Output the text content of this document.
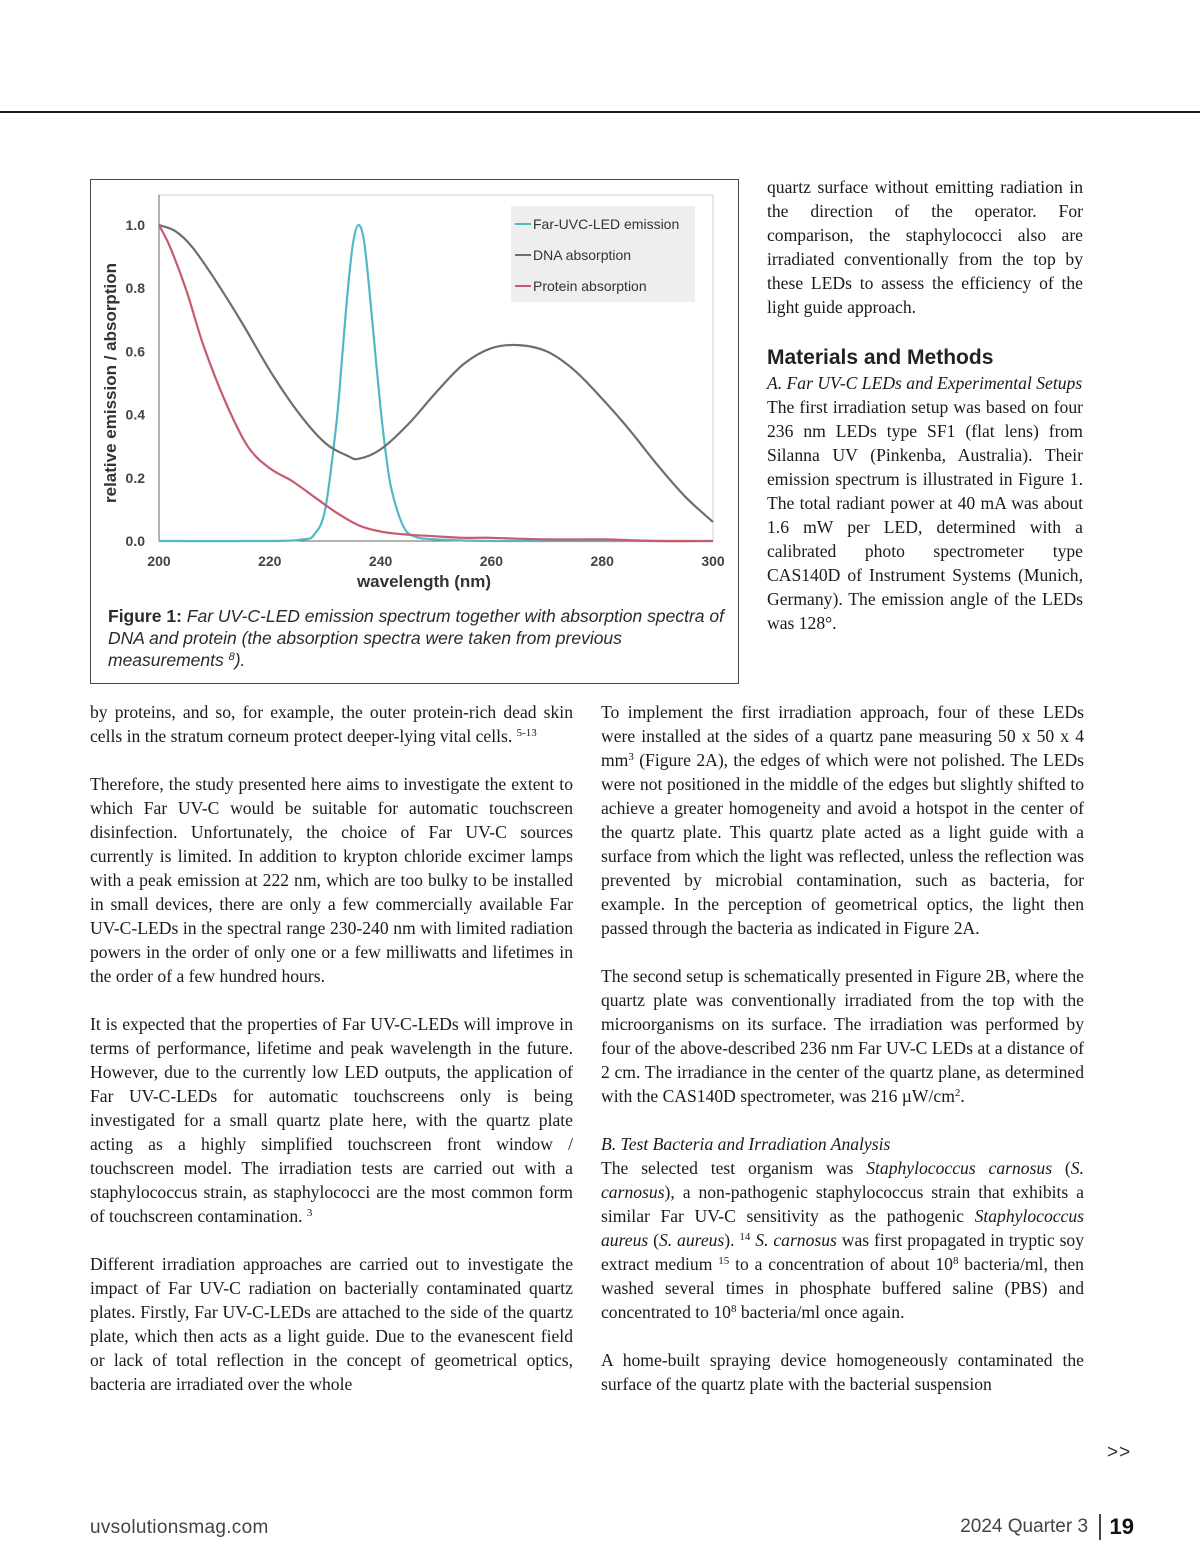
200	220	240	260	280	300
0.0
0.2
0.4
0.6
0.8
1.0
wavelength (nm)
relative emission / absorption
Far-UVC-LED emission
DNA absorption
Protein absorption
Figure 1: Far UV-C-LED emission spectrum together with absorption spectra of DNA and protein (the absorption spectra were taken from previous measurements $^8$).

quartz surface without emitting radiation in the direction of the operator. For comparison, the staphylococci also are irradiated conventionally from the top by these LEDs to assess the efficiency of the light guide approach.

Materials and Methods

A. Far UV-C LEDs and Experimental Setups

The first irradiation setup was based on four 236 nm LEDs type SF1 (flat lens) from Silanna UV (Pinkenba, Australia). Their emission spectrum is illustrated in Figure 1. The total radiant power at 40 mA was about 1.6 mW per LED, determined with a calibrated photo spectrometer type CAS140D of Instrument Systems (Munich, Germany). The emission angle of the LEDs was 128°.

by proteins, and so, for example, the outer protein-rich dead skin cells in the stratum corneum protect deeper-lying vital cells. $^{5-13}$

Therefore, the study presented here aims to investigate the extent to which Far UV-C would be suitable for automatic touchscreen disinfection. Unfortunately, the choice of Far UV-C sources currently is limited. In addition to krypton chloride excimer lamps with a peak emission at 222 nm, which are too bulky to be installed in small devices, there are only a few commercially available Far UV-C-LEDs in the spectral range 230-240 nm with limited radiation powers in the order of only one or a few milliwatts and lifetimes in the order of a few hundred hours.

It is expected that the properties of Far UV-C-LEDs will improve in terms of performance, lifetime and peak wavelength in the future. However, due to the currently low LED outputs, the application of Far UV-C-LEDs for automatic touchscreens only is being investigated for a small quartz plate here, with the quartz plate acting as a highly simplified touchscreen front window / touchscreen model. The irradiation tests are carried out with a staphylococcus strain, as staphylococci are the most common form of touchscreen contamination. $^3$

Different irradiation approaches are carried out to investigate the impact of Far UV-C radiation on bacterially contaminated quartz plates. Firstly, Far UV-C-LEDs are attached to the side of the quartz plate, which then acts as a light guide. Due to the evanescent field or lack of total reflection in the concept of geometrical optics, bacteria are irradiated over the whole

To implement the first irradiation approach, four of these LEDs were installed at the sides of a quartz pane measuring 50 x 50 x 4 $mm^3$ (Figure 2A), the edges of which were not polished. The LEDs were not positioned in the middle of the edges but slightly shifted to achieve a greater homogeneity and avoid a hotspot in the center of the quartz plate. This quartz plate acted as a light guide with a surface from which the light was reflected, unless the reflection was prevented by microbial contamination, such as bacteria, for example. In the perception of geometrical optics, the light then passed through the bacteria as indicated in Figure 2A.

The second setup is schematically presented in Figure 2B, where the quartz plate was conventionally irradiated from the top with the microorganisms on its surface. The irradiation was performed by four of the above-described 236 nm Far UV-C LEDs at a distance of 2 cm. The irradiance in the center of the quartz plane, as determined with the CAS140D spectrometer, was 216 $\mu W/cm^2$.

B. Test Bacteria and Irradiation Analysis

The selected test organism was Staphylococcus carnosus (S. carnosus), a non-pathogenic staphylococcus strain that exhibits a similar Far UV-C sensitivity as the pathogenic Staphylococcus aureus (S. aureus). $^{14}$ S. carnosus was first propagated in tryptic soy extract medium $^{15}$ to a concentration of about $10^8$ bacteria/ml, then washed several times in phosphate buffered saline (PBS) and concentrated to $10^8$ bacteria/ml once again.

A home-built spraying device homogeneously contaminated the surface of the quartz plate with the bacterial suspension

>>
uvsolutionsmag.com	2024 Quarter 3 19
